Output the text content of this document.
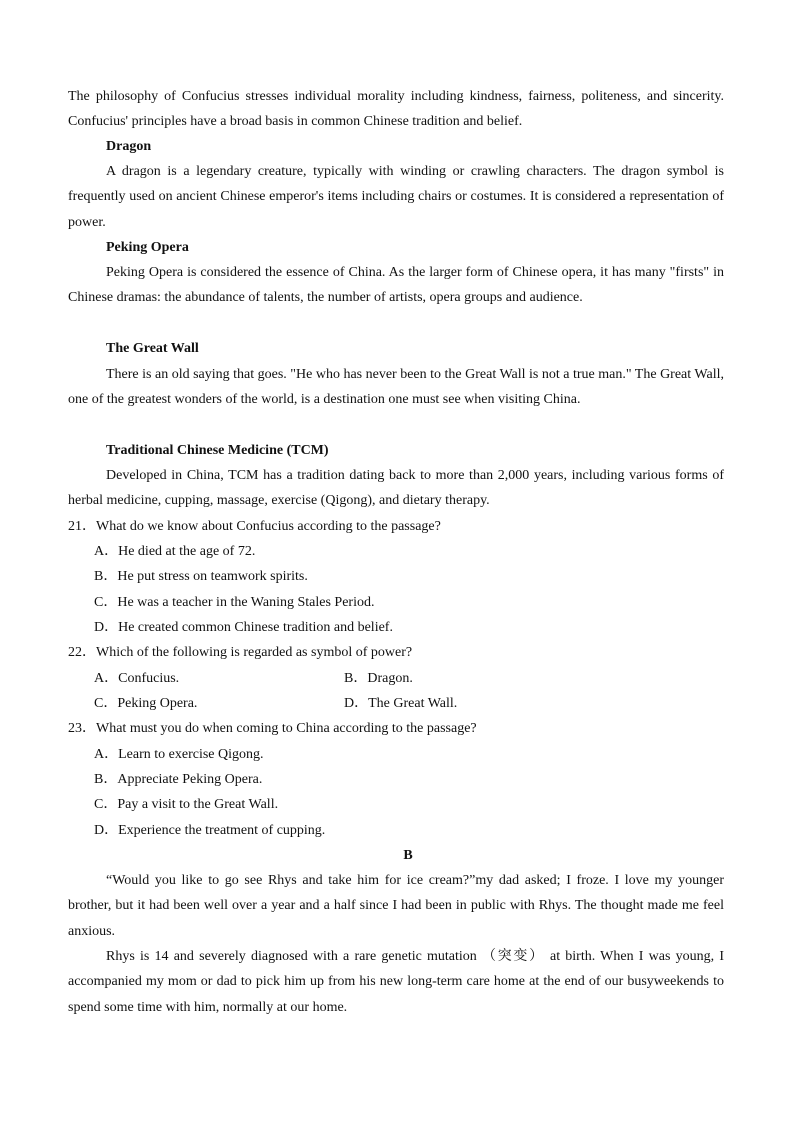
The philosophy of Confucius stresses individual morality including kindness, fairness, politeness, and sincerity. Confucius' principles have a broad basis in common Chinese tradition and belief.

Dragon

A dragon is a legendary creature, typically with winding or crawling characters. The dragon symbol is frequently used on ancient Chinese emperor's items including chairs or costumes. It is considered a representation of power.

Peking Opera

Peking Opera is considered the essence of China. As the larger form of Chinese opera, it has many "firsts" in Chinese dramas: the abundance of talents, the number of artists, opera groups and audience.

The Great Wall

There is an old saying that goes. "He who has never been to the Great Wall is not a true man." The Great Wall, one of the greatest wonders of the world, is a destination one must see when visiting China.

Traditional Chinese Medicine (TCM)

Developed in China, TCM has a tradition dating back to more than 2,000 years, including various forms of herbal medicine, cupping, massage, exercise (Qigong), and dietary therapy.

21．What do we know about Confucius according to the passage?

A．He died at the age of 72.

B．He put stress on teamwork spirits.

C．He was a teacher in the Waning Stales Period.

D．He created common Chinese tradition and belief.

22．Which of the following is regarded as symbol of power?

A．Confucius.	B．Dragon.

C．Peking Opera.	D．The Great Wall.

23．What must you do when coming to China according to the passage?

A．Learn to exercise Qigong.

B．Appreciate Peking Opera.

C．Pay a visit to the Great Wall.

D．Experience the treatment of cupping.

B

“Would you like to go see Rhys and take him for ice cream?”my dad asked; I froze. I love my younger brother, but it had been well over a year and a half since I had been in public with Rhys. The thought made me feel anxious.

Rhys is 14 and severely diagnosed with a rare genetic mutation （突变） at birth. When I was young, I accompanied my mom or dad to pick him up from his new long-term care home at the end of our busyweekends to spend some time with him, normally at our home.
